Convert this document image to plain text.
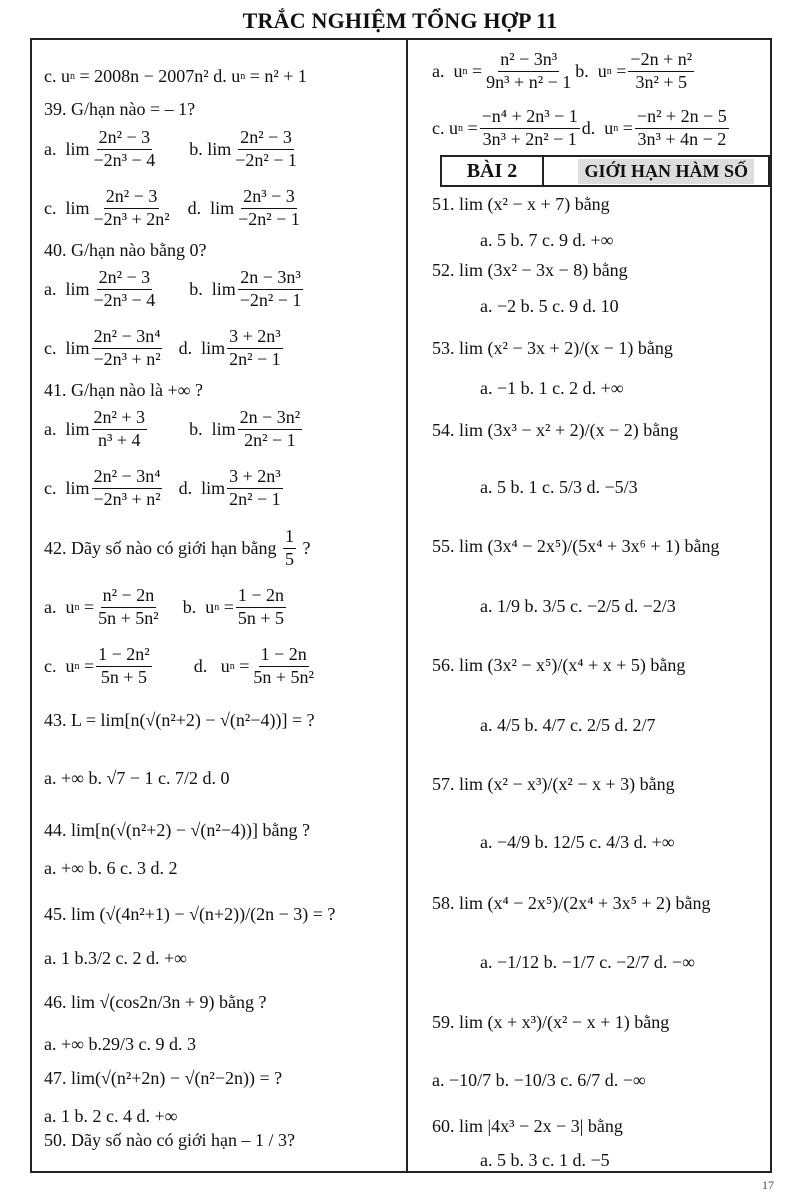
TRẮC NGHIỆM TỔNG HỢP 11
c. u n
= 2008n − 2007n² d. u n
= n² + 1
39. G/hạn nào = – 1?
a.  $\lim \frac{\text{2n² − 3}}{\text{−2n³ − 4}} b$. $\lim \frac{\text{2n² − 3}}{\text{−2n² − 1}}$
c.  $\lim \frac{\text{2n² − 3}}{\text{−2n³ + 2n²}} d$.  $\lim \frac{\text{2n³ − 3}}{\text{−2n² − 1}}$
40. G/hạn nào bằng 0?
a.  $\lim \frac{\text{2n² − 3}}{\text{−2n³ − 4}} b$.  $\lim \frac{\text{2n − 3n³}}{\text{−2n² − 1}}$
c.  $\lim \frac{\text{2n² − 3n⁴}}{\text{−2n³ + n²}} d$.  $\lim \frac{\text{3 + 2n³}}{\text{2n² − 1}}$
41. G/hạn nào là +∞ ?
a.  $\lim \frac{\text{2n² + 3}}{\text{n³ + 4}} b$.  $\lim \frac{\text{2n − 3n²}}{\text{2n² − 1}}$
c.  $\lim \frac{\text{2n² − 3n⁴}}{\text{−2n³ + n²}} d$.  $\lim \frac{\text{3 + 2n³}}{\text{2n² − 1}}$
42. Dãy số nào có giới hạn bằng
$\frac{1}{5}$ ?
a.  u $n = \frac{\text{n² − 2n}}{\text{5n + 5n²}} b$.  u $n = \frac{1 - 2n}{5n + 5}$
c.  u $n = \frac{\text{1 − 2n²}}{5n + 5} d$.   u $n = \frac{1 - 2n}{\text{5n + 5n²}}$
43. L = lim[n(√(n²+2) − √(n²−4))] = ?
a. +∞ b. √7 − 1 c. 7/2 d. 0
44. lim[n(√(n²+2) − √(n²−4))] bằng ?
a. +∞ b. 6 c. 3 d. 2
45. lim (√(4n²+1) − √(n+2))/(2n − 3) = ?
a. 1 b.3/2 c. 2 d. +∞
46. lim √(cos2n/3n + 9) bằng ?
a. +∞ b.29/3 c. 9 d. 3
47. lim(√(n²+2n) − √(n²−2n)) = ?
a. 1 b. 2 c. 4 d. +∞
50. Dãy số nào có giới hạn – 1 / 3?
a.  u $n = \frac{\text{n² − 3n³}}{\text{9n³ + n² − 1}} b$.  u $n = \frac{\text{−2n + n²}}{\text{3n² + 5}}$
c. u $n = \frac{\text{−n⁴ + 2n³ − 1}}{\text{3n³ + 2n² − 1}} d$.  u $n = \frac{\text{−n² + 2n − 5}}{\text{3n³ + 4n − 2}}$
BÀI 2	GIỚI HẠN HÀM SỐ
51. lim (x² − x + 7) bằng
a. 5 b. 7 c. 9 d. +∞
52. lim (3x² − 3x − 8) bằng
a. −2 b. 5 c. 9 d. 10
53. lim (x² − 3x + 2)/(x − 1) bằng
a. −1 b. 1 c. 2 d. +∞
54. lim (3x³ − x² + 2)/(x − 2) bằng
a. 5 b. 1 c. 5/3 d. −5/3
55. lim (3x⁴ − 2x⁵)/(5x⁴ + 3x⁶ + 1) bằng
a. 1/9 b. 3/5 c. −2/5 d. −2/3
56. lim (3x² − x⁵)/(x⁴ + x + 5) bằng
a. 4/5 b. 4/7 c. 2/5 d. 2/7
57. lim (x² − x³)/(x² − x + 3) bằng
a. −4/9 b. 12/5 c. 4/3 d. +∞
58. lim (x⁴ − 2x⁵)/(2x⁴ + 3x⁵ + 2) bằng
a. −1/12 b. −1/7 c. −2/7 d. −∞
59. lim (x + x³)/(x² − x + 1) bằng
a. −10/7 b. −10/3 c. 6/7 d. −∞
60. lim |4x³ − 2x − 3| bằng
a. 5 b. 3 c. 1 d. −5
17
